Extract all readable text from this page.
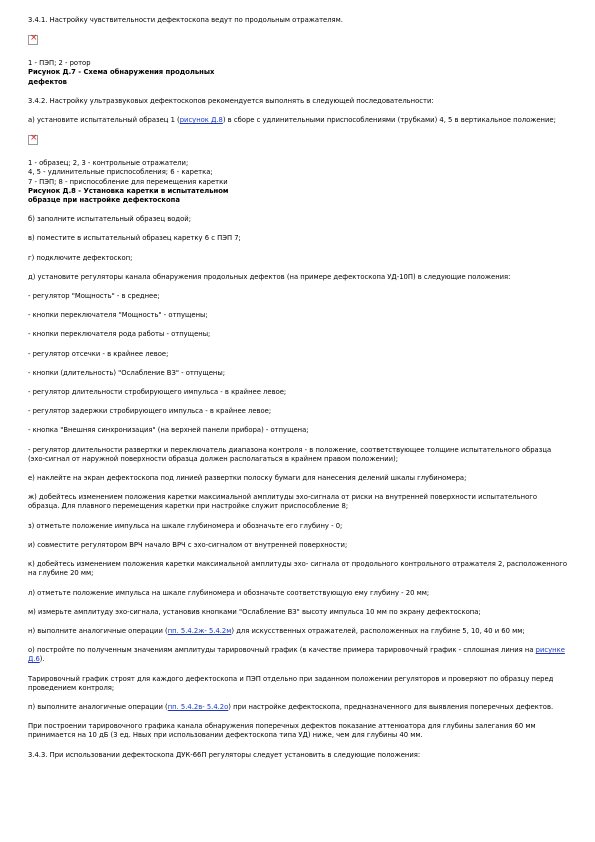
3.4.1. Настройку чувствительности дефектоскопа ведут по продольным отражателям.

×
1 - ПЭП; 2 - ротор
Рисунок Д.7 - Схема обнаружения продольных дефектов

3.4.2. Настройку ультразвуковых дефектоскопов рекомендуется выполнять в следующей последовательности:

а) установите испытательный образец 1 (рисунок Д.8) в сборе с удлинительными приспособлениями (трубками) 4, 5 в вертикальное положение;

×
1 - образец; 2, 3 - контрольные отражатели;
4, 5 - удлинительные приспособления; 6 - каретка;
7 - ПЭП; 8 - приспособление для перемещения каретки
Рисунок Д.8 - Установка каретки в испытательном образце при настройке дефектоскопа

б) заполните испытательный образец водой;

в) поместите в испытательный образец каретку 6 с ПЭП 7;

г) подключите дефектоскоп;

д) установите регуляторы канала обнаружения продольных дефектов (на примере дефектоскопа УД-10П) в следующие положения:

- регулятор "Мощность" - в среднее;

- кнопки переключателя "Мощность" - отпущены;

- кнопки переключателя рода работы - отпущены;

- регулятор отсечки - в крайнее левое;

- кнопки (длительность) "Ослабление ВЗ" - отпущены;

- регулятор длительности стробирующего импульса - в крайнее левое;

- регулятор задержки стробирующего импульса - в крайнее левое;

- кнопка "Внешняя синхронизация" (на верхней панели прибора) - отпущена;

- регулятор длительности развертки и переключатель диапазона контроля - в положение, соответствующее толщине испытательного образца (эхо-сигнал от наружной поверхности образца должен располагаться в крайнем правом положении);

е) наклейте на экран дефектоскопа под линией развертки полоску бумаги для нанесения делений шкалы глубиномера;

ж) добейтесь изменением положения каретки максимальной амплитуды эхо-сигнала от риски на внутренней поверхности испытательного образца. Для плавного перемещения каретки при настройке служит приспособление 8;

з) отметьте положение импульса на шкале глубиномера и обозначьте его глубину - 0;

и) совместите регулятором ВРЧ начало ВРЧ с эхо-сигналом от внутренней поверхности;

к) добейтесь изменением положения каретки максимальной амплитуды эхо- сигнала от продольного контрольного отражателя 2, расположенного на глубине 20 мм;

л) отметьте положение импульса на шкале глубиномера и обозначьте соответствующую ему глубину - 20 мм;

м) измерьте амплитуду эхо-сигнала, установив кнопками "Ослабление ВЗ" высоту импульса 10 мм по экрану дефектоскопа;

н) выполните аналогичные операции (пп. 5.4.2ж- 5.4.2м) для искусственных отражателей, расположенных на глубине 5, 10, 40 и 60 мм;

о) постройте по полученным значениям амплитуды тарировочный график (в качестве примера тарировочный график - сплошная линия на рисунке Д.6).

Тарировочный график строят для каждого дефектоскопа и ПЭП отдельно при заданном положении регуляторов и проверяют по образцу перед проведением контроля;

п) выполните аналогичные операции (пп. 5.4.2в- 5.4.2о) при настройке дефектоскопа, предназначенного для выявления поперечных дефектов.

При построении тарировочного графика канала обнаружения поперечных дефектов показание аттенюатора для глубины залегания 60 мм принимается на 10 дБ (3 ед. Нвых при использовании дефектоскопа типа УД) ниже, чем для глубины 40 мм.

3.4.3. При использовании дефектоскопа ДУК-66П регуляторы следует установить в следующие положения:
